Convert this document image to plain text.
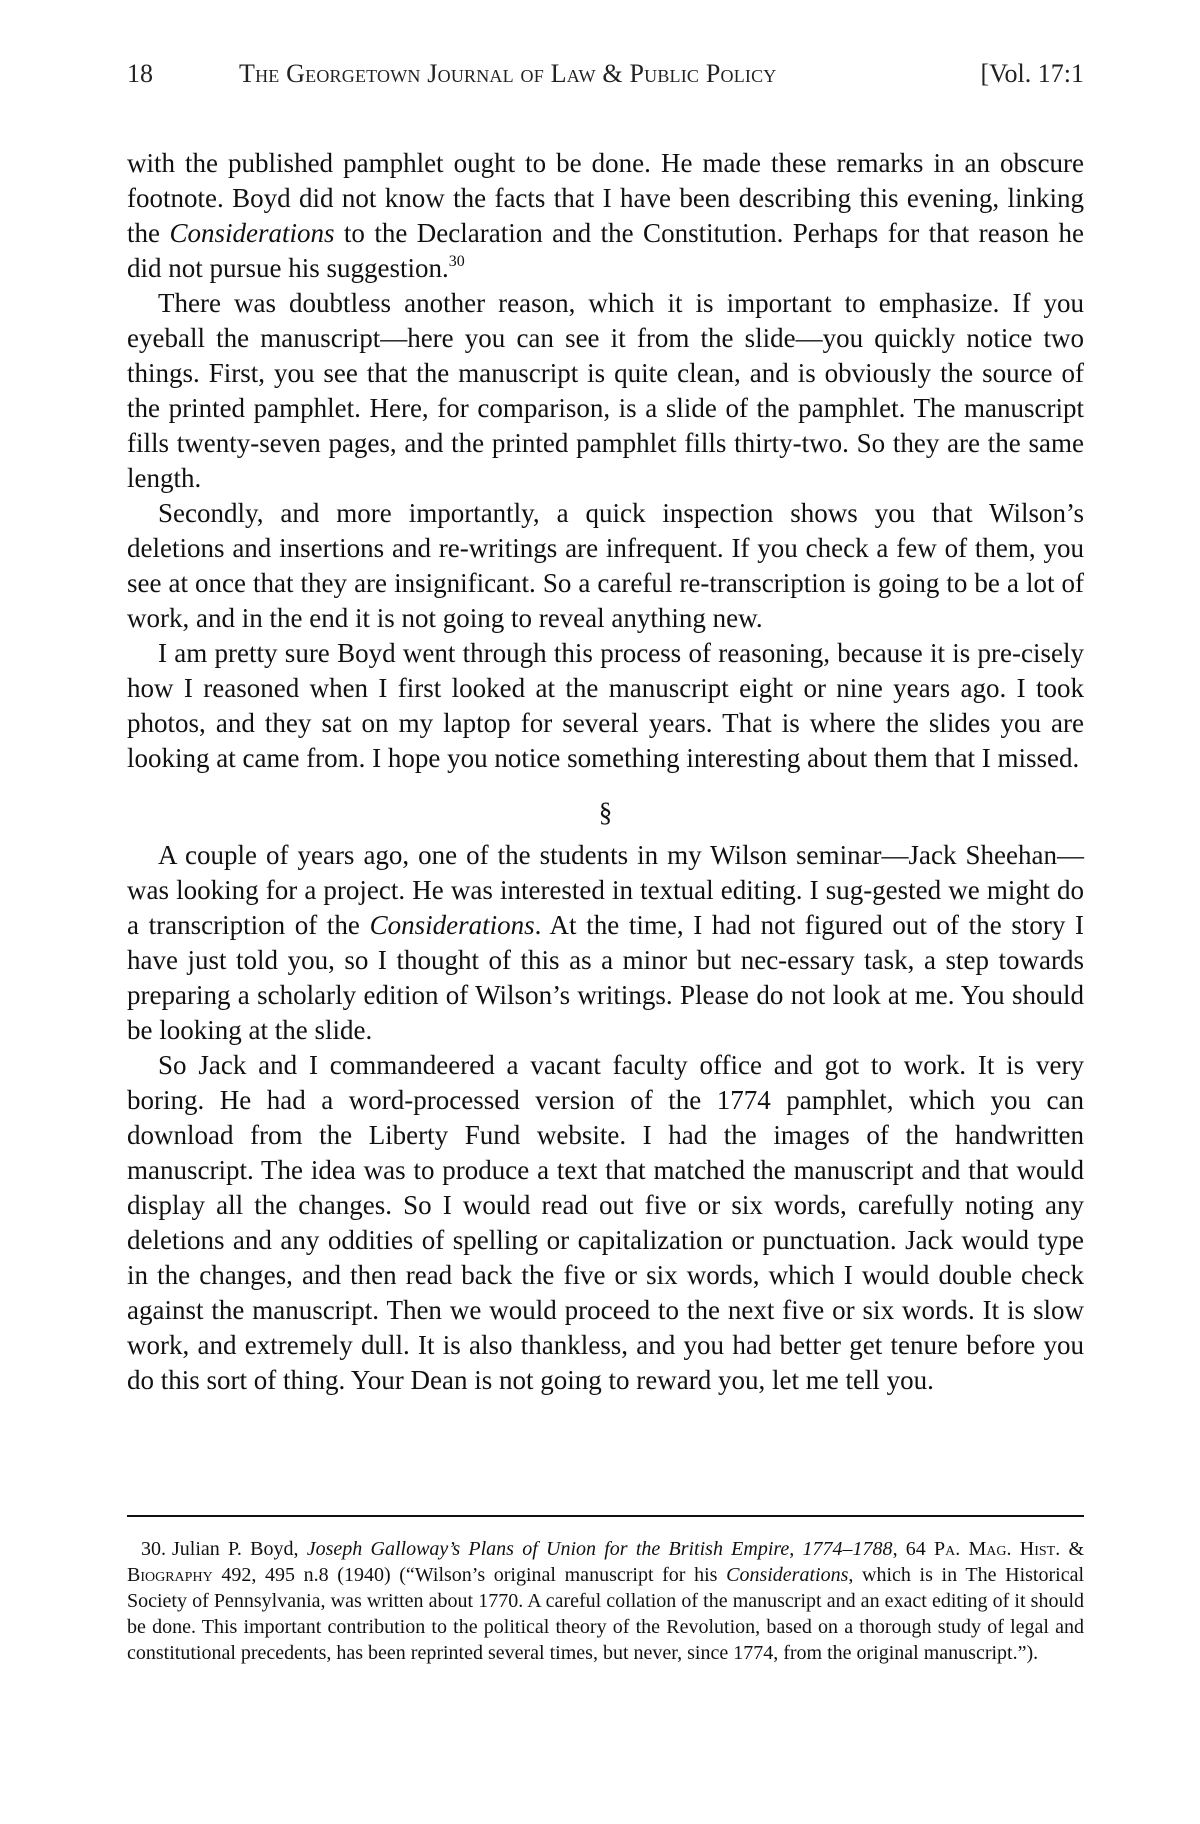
18	The Georgetown Journal of Law & Public Policy	[Vol. 17:1

with the published pamphlet ought to be done. He made these remarks in an obscure footnote. Boyd did not know the facts that I have been describing this evening, linking the Considerations to the Declaration and the Constitution. Perhaps for that reason he did not pursue his suggestion.$^{30}$

There was doubtless another reason, which it is important to emphasize. If you eyeball the manuscript—here you can see it from the slide—you quickly notice two things. First, you see that the manuscript is quite clean, and is obviously the source of the printed pamphlet. Here, for comparison, is a slide of the pamphlet. The manuscript fills twenty-seven pages, and the printed pamphlet fills thirty-two. So they are the same length.

Secondly, and more importantly, a quick inspection shows you that Wilson’s deletions and insertions and re-writings are infrequent. If you check a few of them, you see at once that they are insignificant. So a careful re-transcription is going to be a lot of work, and in the end it is not going to reveal anything new.

I am pretty sure Boyd went through this process of reasoning, because it is pre-cisely how I reasoned when I first looked at the manuscript eight or nine years ago. I took photos, and they sat on my laptop for several years. That is where the slides you are looking at came from. I hope you notice something interesting about them that I missed.

§

A couple of years ago, one of the students in my Wilson seminar—Jack Sheehan—was looking for a project. He was interested in textual editing. I sug-gested we might do a transcription of the Considerations. At the time, I had not figured out of the story I have just told you, so I thought of this as a minor but nec-essary task, a step towards preparing a scholarly edition of Wilson’s writings. Please do not look at me. You should be looking at the slide.

So Jack and I commandeered a vacant faculty office and got to work. It is very boring. He had a word-processed version of the 1774 pamphlet, which you can download from the Liberty Fund website. I had the images of the handwritten manuscript. The idea was to produce a text that matched the manuscript and that would display all the changes. So I would read out five or six words, carefully noting any deletions and any oddities of spelling or capitalization or punctuation. Jack would type in the changes, and then read back the five or six words, which I would double check against the manuscript. Then we would proceed to the next five or six words. It is slow work, and extremely dull. It is also thankless, and you had better get tenure before you do this sort of thing. Your Dean is not going to reward you, let me tell you.

30. Julian P. Boyd, Joseph Galloway’s Plans of Union for the British Empire, 1774–1788, 64 Pa. Mag. Hist. & Biography 492, 495 n.8 (1940) (“Wilson’s original manuscript for his Considerations, which is in The Historical Society of Pennsylvania, was written about 1770. A careful collation of the manuscript and an exact editing of it should be done. This important contribution to the political theory of the Revolution, based on a thorough study of legal and constitutional precedents, has been reprinted several times, but never, since 1774, from the original manuscript.”).
